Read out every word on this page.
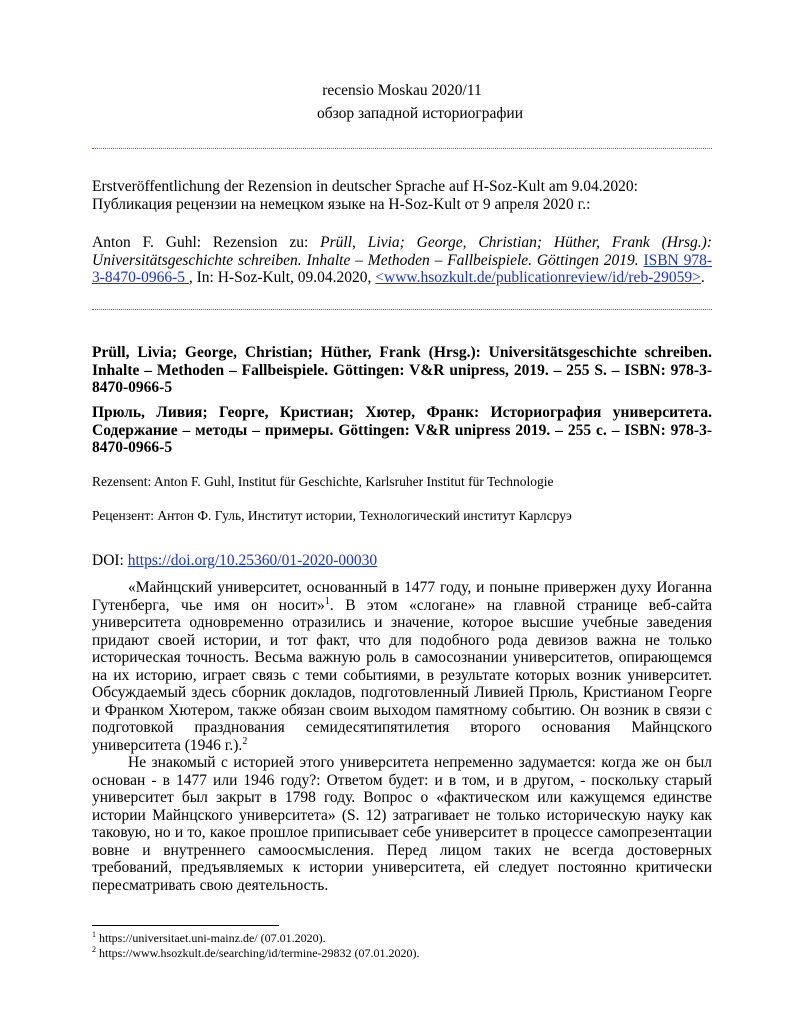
recensio Moskau 2020/11
обзор западной историографии
Erstveröffentlichung der Rezension in deutscher Sprache auf H-Soz-Kult am 9.04.2020:
Публикация рецензии на немецком языке на H-Soz-Kult от 9 апреля 2020 г.:
Anton F. Guhl: Rezension zu: Prüll, Livia; George, Christian; Hüther, Frank (Hrsg.): Universitätsgeschichte schreiben. Inhalte – Methoden – Fallbeispiele. Göttingen 2019. ISBN 978-3-8470-0966-5 , In: H-Soz-Kult, 09.04.2020, <www.hsozkult.de/publicationreview/id/reb-29059>.
Prüll, Livia; George, Christian; Hüther, Frank (Hrsg.): Universitätsgeschichte schreiben. Inhalte – Methoden – Fallbeispiele. Göttingen: V&R unipress, 2019. – 255 S. – ISBN: 978-3-8470-0966-5
Прюль, Ливия; Георге, Кристиан; Хютер, Франк: Историография университета. Содержание – методы – примеры. Göttingen: V&R unipress 2019. – 255 с. – ISBN: 978-3-8470-0966-5
Rezensent: Anton F. Guhl, Institut für Geschichte, Karlsruher Institut für Technologie
Рецензент: Антон Ф. Гуль, Институт истории, Технологический институт Карлсруэ
DOI: https://doi.org/10.25360/01-2020-00030

«Майнцский университет, основанный в 1477 году, и поныне привержен духу Иоганна Гутенберга, чье имя он носит»$^1$. В этом «слогане» на главной странице веб-сайта университета одновременно отразились и значение, которое высшие учебные заведения придают своей истории, и тот факт, что для подобного рода девизов важна не только историческая точность. Весьма важную роль в самосознании университетов, опирающемся на их историю, играет связь с теми событиями, в результате которых возник университет. Обсуждаемый здесь сборник докладов, подготовленный Ливией Прюль, Кристианом Георге и Франком Хютером, также обязан своим выходом памятному событию. Он возник в связи с подготовкой празднования семидесятипятилетия второго основания Майнцского университета (1946 г.).$^2$

Не знакомый с историей этого университета непременно задумается: когда же он был основан - в 1477 или 1946 году?: Ответом будет: и в том, и в другом, - поскольку старый университет был закрыт в 1798 году. Вопрос о «фактическом или кажущемся единстве истории Майнцского университета» (S. 12) затрагивает не только историческую науку как таковую, но и то, какое прошлое приписывает себе университет в процессе самопрезентации вовне и внутреннего самоосмысления. Перед лицом таких не всегда достоверных требований, предъявляемых к истории университета, ей следует постоянно критически пересматривать свою деятельность.

$^1$ https://universitaet.uni-mainz.de/ (07.01.2020).
$^2$ https://www.hsozkult.de/searching/id/termine-29832 (07.01.2020).
